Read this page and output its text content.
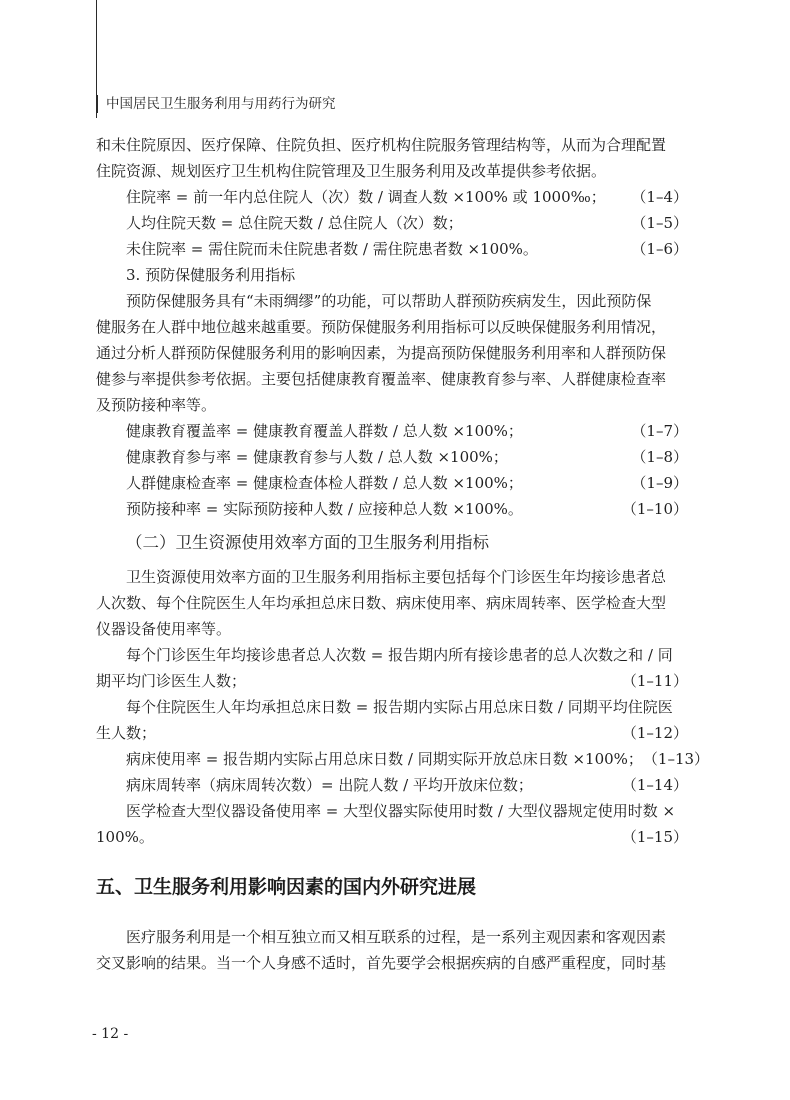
中国居民卫生服务利用与用药行为研究
和未住院原因、医疗保障、住院负担、医疗机构住院服务管理结构等，从而为合理配置
住院资源、规划医疗卫生机构住院管理及卫生服务利用及改革提供参考依据。
住院率 = 前一年内总住院人（次）数 / 调查人数 ×100% 或 1000‰； （1–4）
人均住院天数 = 总住院天数 / 总住院人（次）数；	（1–5）
未住院率 = 需住院而未住院患者数 / 需住院患者数 ×100%。	（1–6）
3. 预防保健服务利用指标
预防保健服务具有“未雨绸缪”的功能，可以帮助人群预防疾病发生，因此预防保
健服务在人群中地位越来越重要。预防保健服务利用指标可以反映保健服务利用情况，
通过分析人群预防保健服务利用的影响因素，为提高预防保健服务利用率和人群预防保
健参与率提供参考依据。主要包括健康教育覆盖率、健康教育参与率、人群健康检查率
及预防接种率等。
健康教育覆盖率 = 健康教育覆盖人群数 / 总人数 ×100%；	（1–7）
健康教育参与率 = 健康教育参与人数 / 总人数 ×100%；	（1–8）
人群健康检查率 = 健康检查体检人群数 / 总人数 ×100%；	（1–9）
预防接种率 = 实际预防接种人数 / 应接种总人数 ×100%。	（1–10）
（二）卫生资源使用效率方面的卫生服务利用指标
卫生资源使用效率方面的卫生服务利用指标主要包括每个门诊医生年均接诊患者总
人次数、每个住院医生人年均承担总床日数、病床使用率、病床周转率、医学检查大型
仪器设备使用率等。
每个门诊医生年均接诊患者总人次数 = 报告期内所有接诊患者的总人次数之和 / 同
期平均门诊医生人数；	（1–11）
每个住院医生人年均承担总床日数 = 报告期内实际占用总床日数 / 同期平均住院医
生人数；	（1–12）
病床使用率 = 报告期内实际占用总床日数 / 同期实际开放总床日数 ×100%； （1–13）
病床周转率（病床周转次数）= 出院人数 / 平均开放床位数；	（1–14）
医学检查大型仪器设备使用率 = 大型仪器实际使用时数 / 大型仪器规定使用时数 ×
100%。	（1–15）
五、卫生服务利用影响因素的国内外研究进展
医疗服务利用是一个相互独立而又相互联系的过程，是一系列主观因素和客观因素
交叉影响的结果。当一个人身感不适时，首先要学会根据疾病的自感严重程度，同时基
- 12 -
